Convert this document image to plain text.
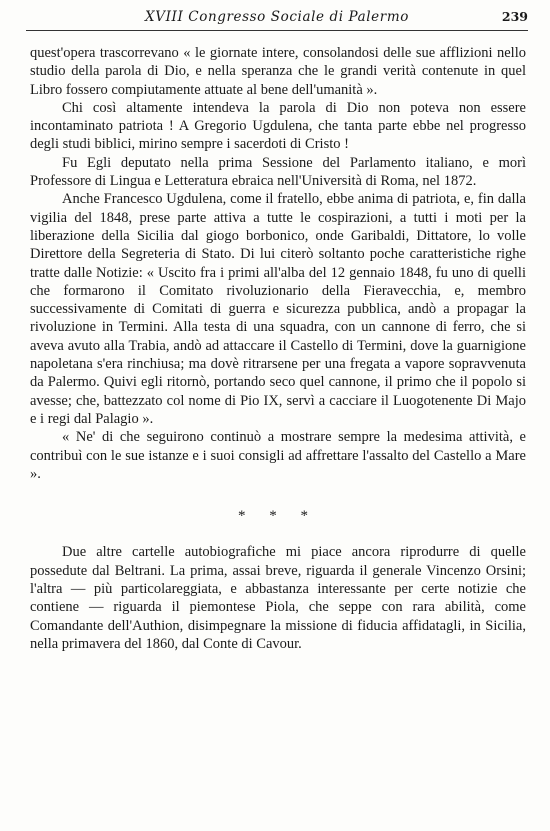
XVIII Congresso Sociale di Palermo	239

quest'opera trascorrevano « le giornate intere, consolandosi delle sue afflizioni nello studio della parola di Dio, e nella speranza che le grandi verità contenute in quel Libro fossero compiutamente attuate al bene dell'umanità ».

Chi così altamente intendeva la parola di Dio non poteva non essere incontaminato patriota ! A Gregorio Ugdulena, che tanta parte ebbe nel progresso degli studi biblici, mirino sempre i sacerdoti di Cristo !

Fu Egli deputato nella prima Sessione del Parlamento italiano, e morì Professore di Lingua e Letteratura ebraica nell'Università di Roma, nel 1872.

Anche Francesco Ugdulena, come il fratello, ebbe anima di patriota, e, fin dalla vigilia del 1848, prese parte attiva a tutte le cospirazioni, a tutti i moti per la liberazione della Sicilia dal giogo borbonico, onde Garibaldi, Dittatore, lo volle Direttore della Segreteria di Stato. Di lui citerò soltanto poche caratteristiche righe tratte dalle Notizie: « Uscito fra i primi all'alba del 12 gennaio 1848, fu uno di quelli che formarono il Comitato rivoluzionario della Fieravecchia, e, membro successivamente di Comitati di guerra e sicurezza pubblica, andò a propagar la rivoluzione in Termini. Alla testa di una squadra, con un cannone di ferro, che si aveva avuto alla Trabia, andò ad attaccare il Castello di Termini, dove la guarnigione napoletana s'era rinchiusa; ma dovè ritrarsene per una fregata a vapore sopravvenuta da Palermo. Quivi egli ritornò, portando seco quel cannone, il primo che il popolo si avesse; che, battezzato col nome di Pio IX, servì a cacciare il Luogotenente Di Majo e i regi dal Palagio ».

« Ne' di che seguirono continuò a mostrare sempre la medesima attività, e contribuì con le sue istanze e i suoi consigli ad affrettare l'assalto del Castello a Mare ».

* * *

Due altre cartelle autobiografiche mi piace ancora riprodurre di quelle possedute dal Beltrani. La prima, assai breve, riguarda il generale Vincenzo Orsini; l'altra — più particolareggiata, e abbastanza interessante per certe notizie che contiene — riguarda il piemontese Piola, che seppe con rara abilità, come Comandante dell'Authion, disimpegnare la missione di fiducia affidatagli, in Sicilia, nella primavera del 1860, dal Conte di Cavour.
